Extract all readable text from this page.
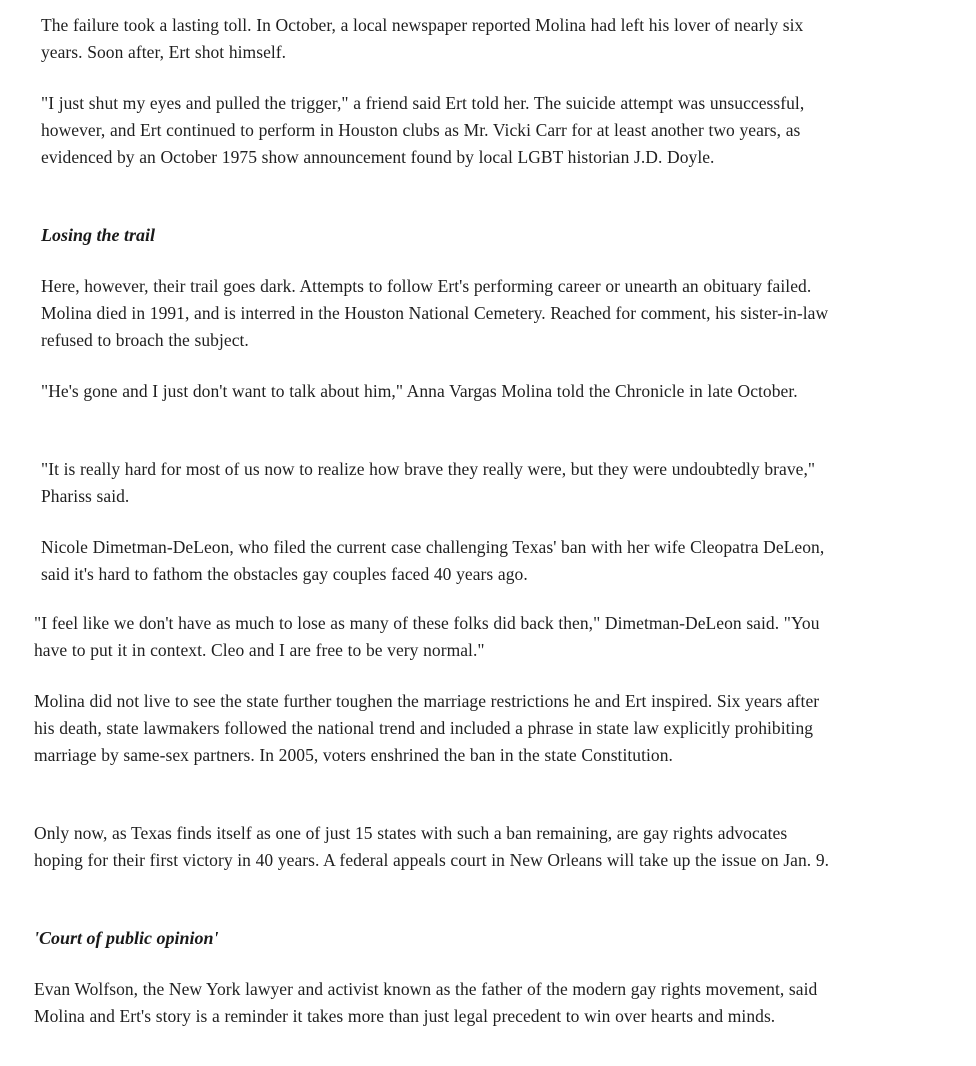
The failure took a lasting toll. In October, a local newspaper reported Molina had left his lover of nearly six years. Soon after, Ert shot himself.

"I just shut my eyes and pulled the trigger," a friend said Ert told her. The suicide attempt was unsuccessful, however, and Ert continued to perform in Houston clubs as Mr. Vicki Carr for at least another two years, as evidenced by an October 1975 show announcement found by local LGBT historian J.D. Doyle.

Losing the trail

Here, however, their trail goes dark. Attempts to follow Ert's performing career or unearth an obituary failed. Molina died in 1991, and is interred in the Houston National Cemetery. Reached for comment, his sister-in-law refused to broach the subject.

"He's gone and I just don't want to talk about him," Anna Vargas Molina told the Chronicle in late October.

"It is really hard for most of us now to realize how brave they really were, but they were undoubtedly brave," Phariss said.

Nicole Dimetman-DeLeon, who filed the current case challenging Texas' ban with her wife Cleopatra DeLeon, said it's hard to fathom the obstacles gay couples faced 40 years ago.

"I feel like we don't have as much to lose as many of these folks did back then," Dimetman-DeLeon said. "You have to put it in context. Cleo and I are free to be very normal."

Molina did not live to see the state further toughen the marriage restrictions he and Ert inspired. Six years after his death, state lawmakers followed the national trend and included a phrase in state law explicitly prohibiting marriage by same-sex partners. In 2005, voters enshrined the ban in the state Constitution.

Only now, as Texas finds itself as one of just 15 states with such a ban remaining, are gay rights advocates hoping for their first victory in 40 years. A federal appeals court in New Orleans will take up the issue on Jan. 9.

'Court of public opinion'

Evan Wolfson, the New York lawyer and activist known as the father of the modern gay rights movement, said Molina and Ert's story is a reminder it takes more than just legal precedent to win over hearts and minds.
